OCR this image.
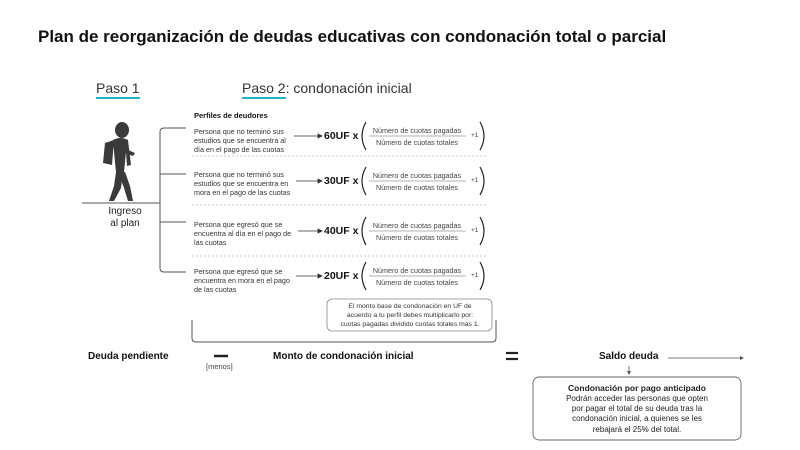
Plan de reorganización de deudas educativas con condonación total o parcial
Paso 1	Paso 2: condonación inicial
Ingreso
al plan
Perfiles de deudores
Persona que no terminó sus
estudios que se encuentra al
día en el pago de las cuotas
Persona que no terminó sus
estudios que se encuentra en
mora en el pago de las cuotas
Persona que egresó que se
encuentra al día en el pago de
las cuotas
Persona que egresó que se
encuentra en mora en el pago
de las cuotas
60UF x
30UF x
40UF x
20UF x
Número de cuotas pagadas
Número de cuotas totales
Número de cuotas pagadas
Número de cuotas totales
Número de cuotas pagadas
Número de cuotas totales
Número de cuotas pagadas
Número de cuotas totales
+1
+1
+1
+1
El monto base de condonación en UF de
acuerdo a tu perfil debes multiplicarlo por:
cuotas pagadas dividido cuotas totales más 1.
Deuda pendiente
[menos]
Monto de condonación inicial	Saldo deuda
Condonación por pago anticipado
Podrán acceder las personas que opten
por pagar el total de su deuda tras la
condonación inicial, a quienes se les
rebajará el 25% del total.
